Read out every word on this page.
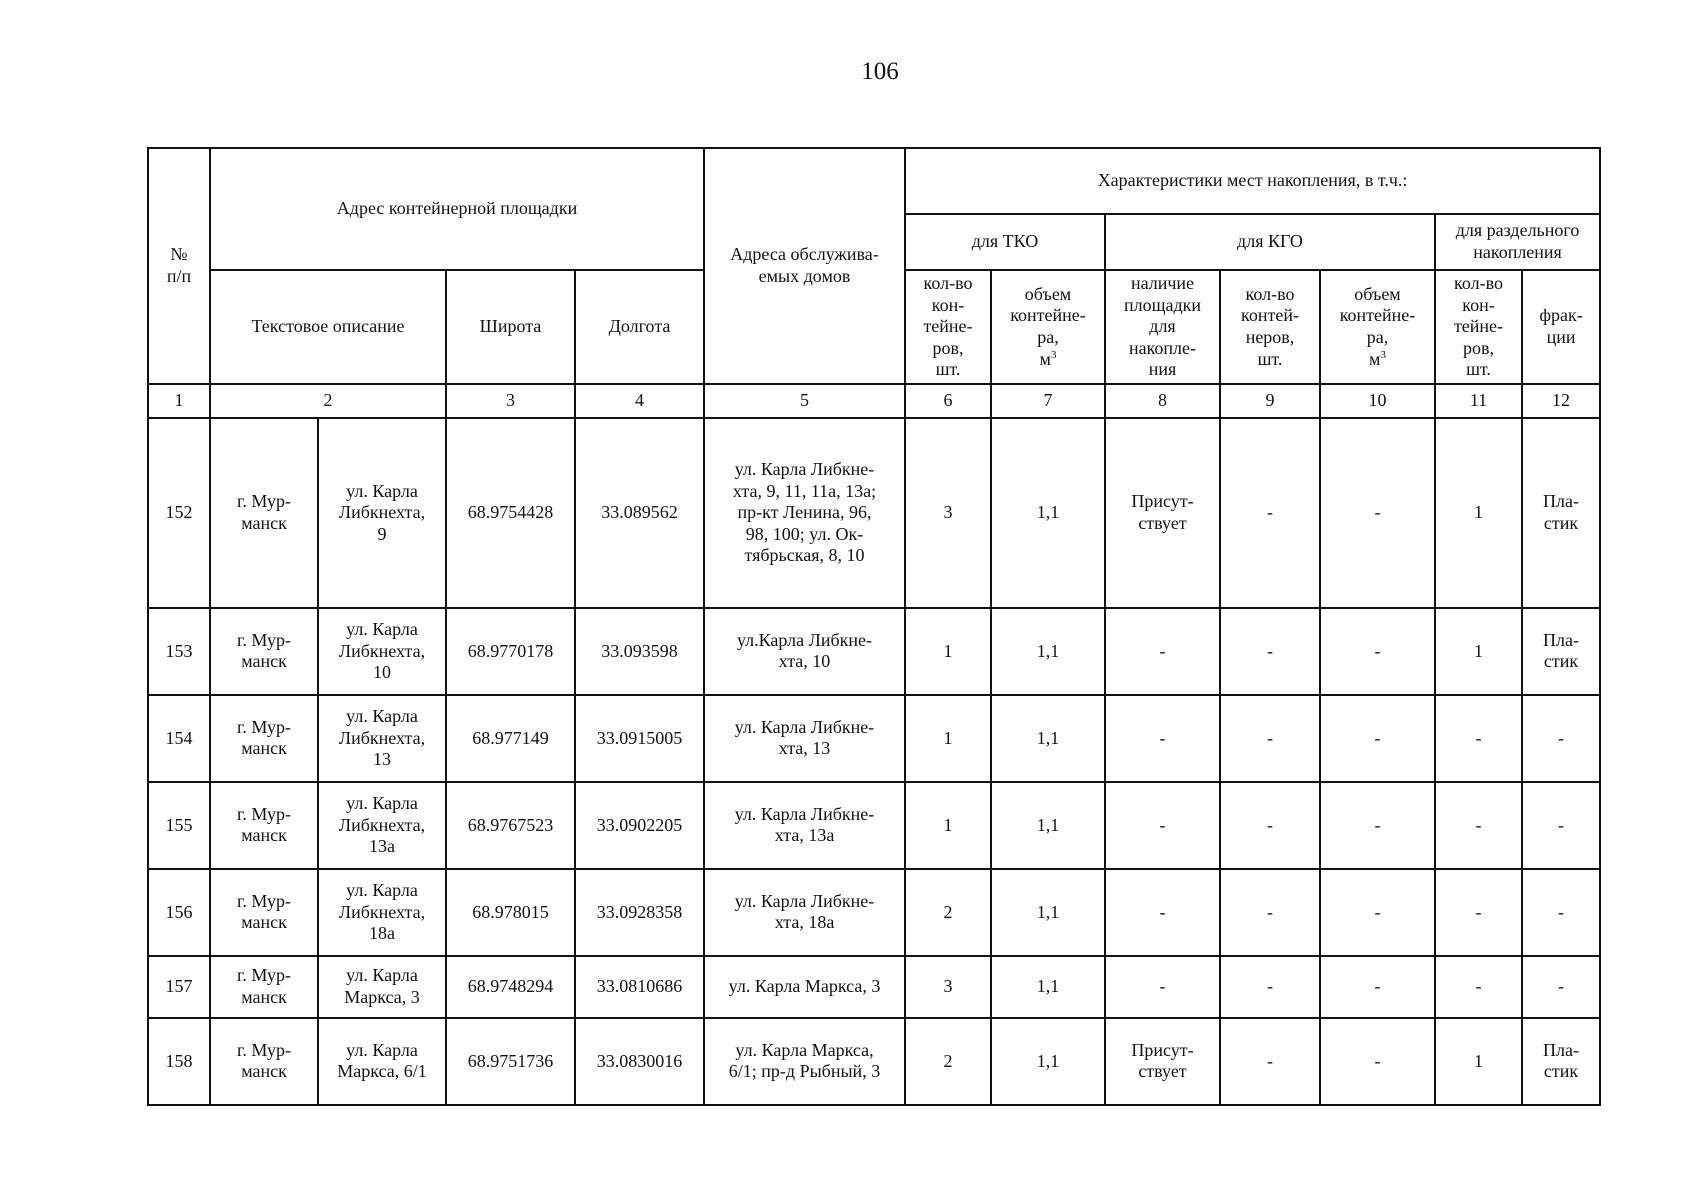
106
№
п/п	Адрес контейнерной площадки				Адреса обслужива-
емых домов	Характеристики мест накопления, в т.ч.:						
						для ТКО		для КГО			для раздельного
накопления	
						кол-во
кон-
тейне-
ров,
шт.	объем
контейне-
ра,
$м^3$	наличие
площадки
для
накопле-
ния	кол-во
контей-
неров,
шт.	объем
контейне-
ра,
$м^3$	кол-во
кон-
тейне-
ров,
шт.	фрак-
ции
	Текстовое описание		Широта	Долгота								
1	2		3	4	5	6	7	8	9	10	11	12
152	г. Мур-
манск	ул. Карла
Либкнехта,
9	68.9754428	33.089562	ул. Карла Либкне-
хта, 9, 11, 11а, 13а;
пр-кт Ленина, 96,
98, 100; ул. Ок-
тябрьская, 8, 10	3	1,1	Присут-
ствует	-	-	1	Пла-
стик
153	г. Мур-
манск	ул. Карла
Либкнехта,
10	68.9770178	33.093598	ул.Карла Либкне-
хта, 10	1	1,1	-	-	-	1	Пла-
стик
154	г. Мур-
манск	ул. Карла
Либкнехта,
13	68.977149	33.0915005	ул. Карла Либкне-
хта, 13	1	1,1	-	-	-	-	-
155	г. Мур-
манск	ул. Карла
Либкнехта,
13а	68.9767523	33.0902205	ул. Карла Либкне-
хта, 13а	1	1,1	-	-	-	-	-
156	г. Мур-
манск	ул. Карла
Либкнехта,
18а	68.978015	33.0928358	ул. Карла Либкне-
хта, 18а	2	1,1	-	-	-	-	-
157	г. Мур-
манск	ул. Карла
Маркса, 3	68.9748294	33.0810686	ул. Карла Маркса, 3	3	1,1	-	-	-	-	-
158	г. Мур-
манск	ул. Карла
Маркса, 6/1	68.9751736	33.0830016	ул. Карла Маркса,
6/1; пр-д Рыбный, 3	2	1,1	Присут-
ствует	-	-	1	Пла-
стик
